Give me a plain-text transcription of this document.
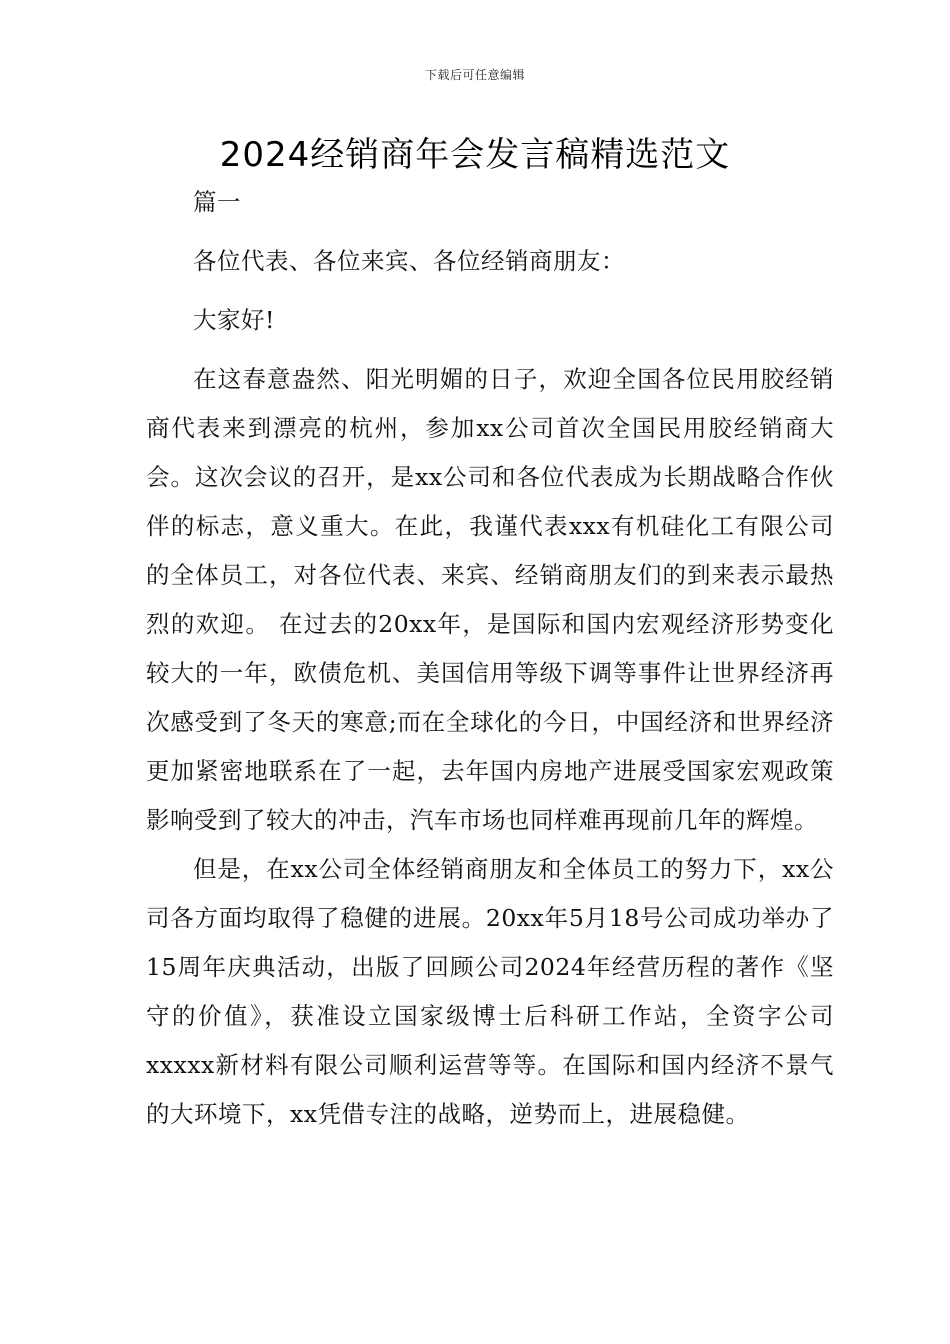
下载后可任意编辑
2024经销商年会发言稿精选范文

篇一

各位代表、各位来宾、各位经销商朋友：

大家好!

在这春意盎然、阳光明媚的日子，欢迎全国各位民用胶经销商代表来到漂亮的杭州，参加xx公司首次全国民用胶经销商大会。这次会议的召开，是xx公司和各位代表成为长期战略合作伙伴的标志，意义重大。在此，我谨代表xxx有机硅化工有限公司的全体员工，对各位代表、来宾、经销商朋友们的到来表示最热烈的欢迎。 在过去的20xx年，是国际和国内宏观经济形势变化较大的一年，欧债危机、美国信用等级下调等事件让世界经济再次感受到了冬天的寒意;而在全球化的今日，中国经济和世界经济更加紧密地联系在了一起，去年国内房地产进展受国家宏观政策影响受到了较大的冲击，汽车市场也同样难再现前几年的辉煌。

但是，在xx公司全体经销商朋友和全体员工的努力下，xx公司各方面均取得了稳健的进展。20xx年5月18号公司成功举办了15周年庆典活动，出版了回顾公司2024年经营历程的著作《坚守的价值》，获准设立国家级博士后科研工作站，全资字公司xxxxx新材料有限公司顺利运营等等。在国际和国内经济不景气的大环境下，xx凭借专注的战略，逆势而上，进展稳健。
